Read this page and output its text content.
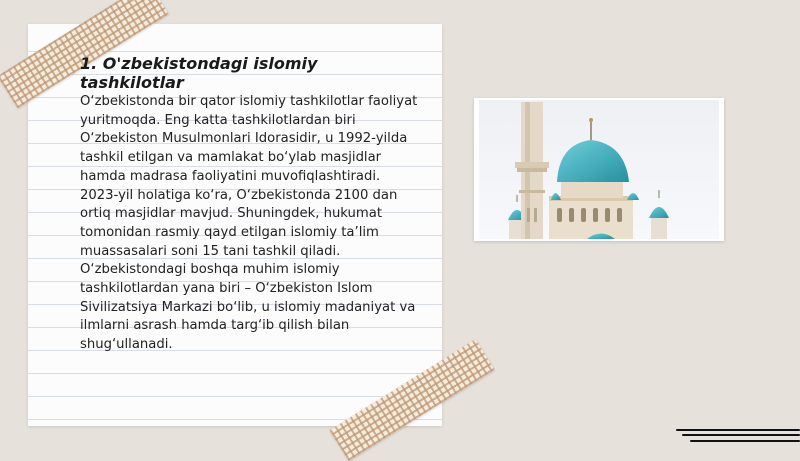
1. O'zbekistondagi islomiy tashkilotlar

O‘zbekistonda bir qator islomiy tashkilotlar faoliyat yuritmoqda. Eng katta tashkilotlardan biri O‘zbekiston Musulmonlari Idorasidir, u 1992-yilda tashkil etilgan va mamlakat bo‘ylab masjidlar hamda madrasa faoliyatini muvofiqlashtiradi. 2023-yil holatiga ko‘ra, O‘zbekistonda 2100 dan ortiq masjidlar mavjud. Shuningdek, hukumat tomonidan rasmiy qayd etilgan islomiy ta’lim muassasalari soni 15 tani tashkil qiladi. O‘zbekistondagi boshqa muhim islomiy tashkilotlardan yana biri – O‘zbekiston Islom Sivilizatsiya Markazi bo‘lib, u islomiy madaniyat va ilmlarni asrash hamda targ‘ib qilish bilan shug‘ullanadi.
